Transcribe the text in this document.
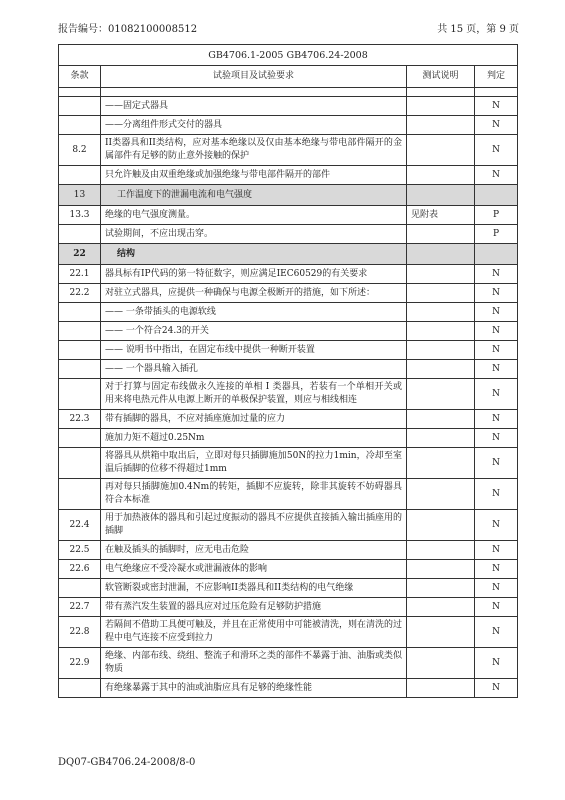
报告编号：01082100008512	共 15 页，第 9 页
GB4706.1-2005 GB4706.24-2008			
条款	试验项目及试验要求	测试说明	判定

	——固定式器具		N
	——分离组件形式交付的器具		N
8.2	II类器具和II类结构，应对基本绝缘以及仅由基本绝缘与带电部件隔开的金属部件有足够的防止意外接触的保护		N
	只允许触及由双重绝缘或加强绝缘与带电部件隔开的部件		N
13	工作温度下的泄漏电流和电气强度		
13.3	绝缘的电气强度测量。	见附表	P
	试验期间，不应出现击穿。		P
22	结构		
22.1	器具标有IP代码的第一特征数字，则应满足IEC60529的有关要求		N
22.2	对驻立式器具，应提供一种确保与电源全极断开的措施，如下所述：		N
	—— 一条带插头的电源软线		N
	—— 一个符合24.3的开关		N
	—— 说明书中指出，在固定布线中提供一种断开装置		N
	—— 一个器具输入插孔		N
	对于打算与固定布线做永久连接的单相 I 类器具，若装有一个单相开关或用来将电热元件从电源上断开的单极保护装置，则应与相线相连		N
22.3	带有插脚的器具，不应对插座施加过量的应力		N
	施加力矩不超过0.25Nm		N
	将器具从烘箱中取出后，立即对每只插脚施加50N的拉力1min，冷却至室温后插脚的位移不得超过1mm		N
	再对每只插脚施加0.4Nm的转矩，插脚不应旋转，除非其旋转不妨碍器具符合本标准		N
22.4	用于加热液体的器具和引起过度振动的器具不应提供直接插入输出插座用的插脚		N
22.5	在触及插头的插脚时，应无电击危险		N
22.6	电气绝缘应不受冷凝水或泄漏液体的影响		N
	软管断裂或密封泄漏，不应影响II类器具和II类结构的电气绝缘		N
22.7	带有蒸汽发生装置的器具应对过压危险有足够防护措施		N
22.8	若隔间不借助工具便可触及，并且在正常使用中可能被清洗，则在清洗的过程中电气连接不应受到拉力		N
22.9	绝缘、内部布线、绕组、整流子和滑环之类的部件不暴露于油、油脂或类似物质		N
	有绝缘暴露于其中的油或油脂应具有足够的绝缘性能		N
DQ07-GB4706.24-2008/8-0
